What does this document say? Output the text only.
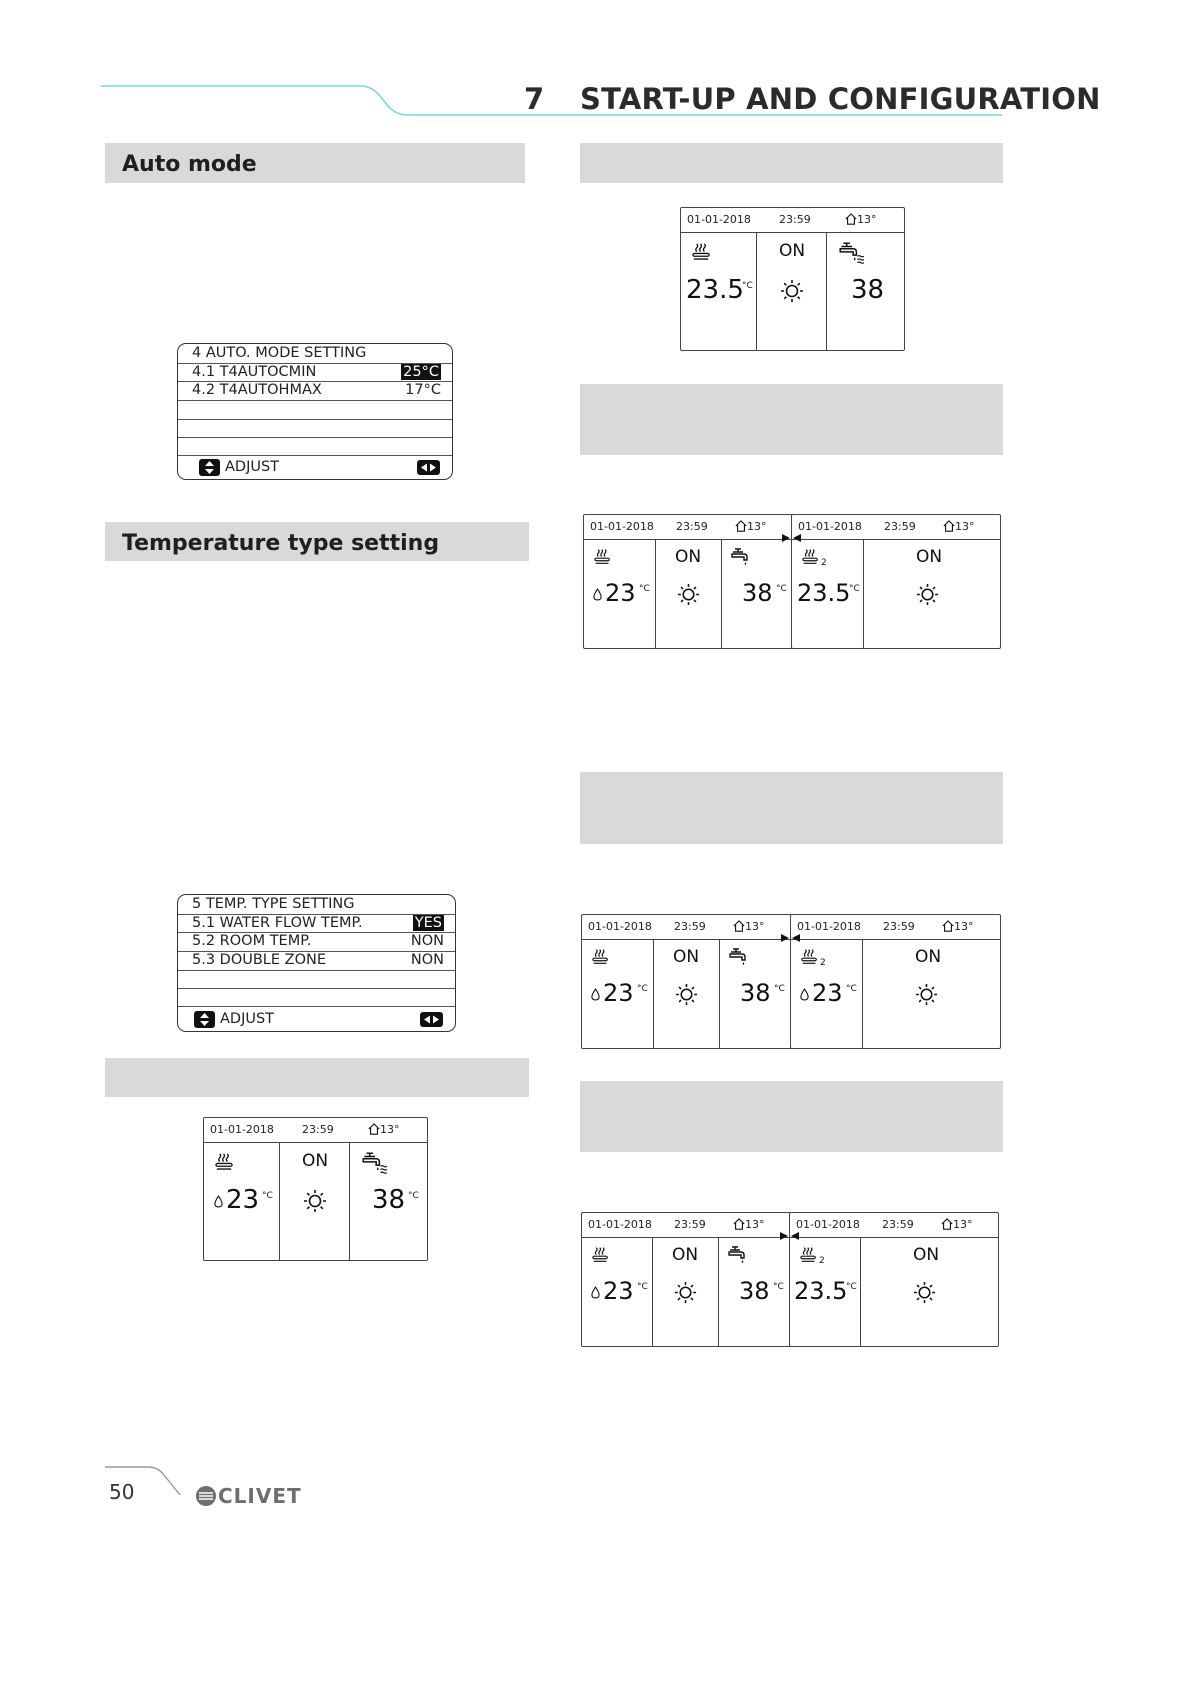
7 START-UP AND CONFIGURATION
Auto mode
4 AUTO. MODE SETTING
4.1 T4AUTOCMIN	25°C
4.2 T4AUTOHMAX	17°C
ADJUST
Temperature type setting
5 TEMP. TYPE SETTING
5.1 WATER FLOW TEMP.	YES
5.2 ROOM TEMP.	NON
5.3 DOUBLE ZONE	NON
ADJUST
01-01-2018	23:59	13°
23.5
°C
ON
38
01-01-2018	23:59	13°
23 °C
ON
38 °C
01-01-2018 23:59	13°
23 °C
ON
38 °C
01-01-2018 23:59	13°
2
23.5
°C
ON
01-01-2018 23:59	13°
23 °C
ON
38 °C
01-01-2018 23:59	13°
2
23 °C
ON
01-01-2018 23:59	13°
23 °C
ON
38 °C
01-01-2018 23:59	13°
2
23.5
°C
ON
50	CLIVET
